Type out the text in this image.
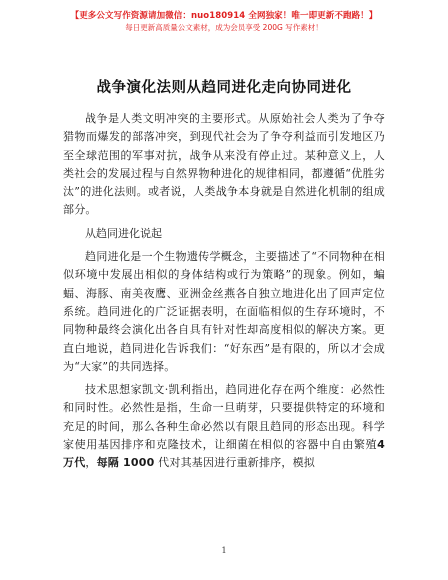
【更多公文写作资源请加微信：nuo180914 全网独家！唯一即更新不跑路！】
每日更新高质量公文素材，成为会员享受 200G 写作素材！
战争演化法则从趋同进化走向协同进化

战争是人类文明冲突的主要形式。从原始社会人类为了争夺猎物而爆发的部落冲突，到现代社会为了争夺利益而引发地区乃至全球范围的军事对抗，战争从来没有停止过。某种意义上，人类社会的发展过程与自然界物种进化的规律相同，都遵循“优胜劣汰”的进化法则。或者说，人类战争本身就是自然进化机制的组成部分。

从趋同进化说起

趋同进化是一个生物遗传学概念，主要描述了“不同物种在相似环境中发展出相似的身体结构或行为策略”的现象。例如，蝙蝠、海豚、南美夜鹰、亚洲金丝燕各自独立地进化出了回声定位系统。趋同进化的广泛证据表明，在面临相似的生存环境时，不同物种最终会演化出各自具有针对性却高度相似的解决方案。更直白地说，趋同进化告诉我们：“好东西”是有限的，所以才会成为“大家”的共同选择。

技术思想家凯文·凯利指出，趋同进化存在两个维度：必然性和同时性。必然性是指，生命一旦萌芽，只要提供特定的环境和充足的时间，那么各种生命必然以有限且趋同的形态出现。科学家使用基因排序和克隆技术，让细菌在相似的容器中自由繁殖4 万代，每隔 1000 代对其基因进行重新排序，模拟

1
